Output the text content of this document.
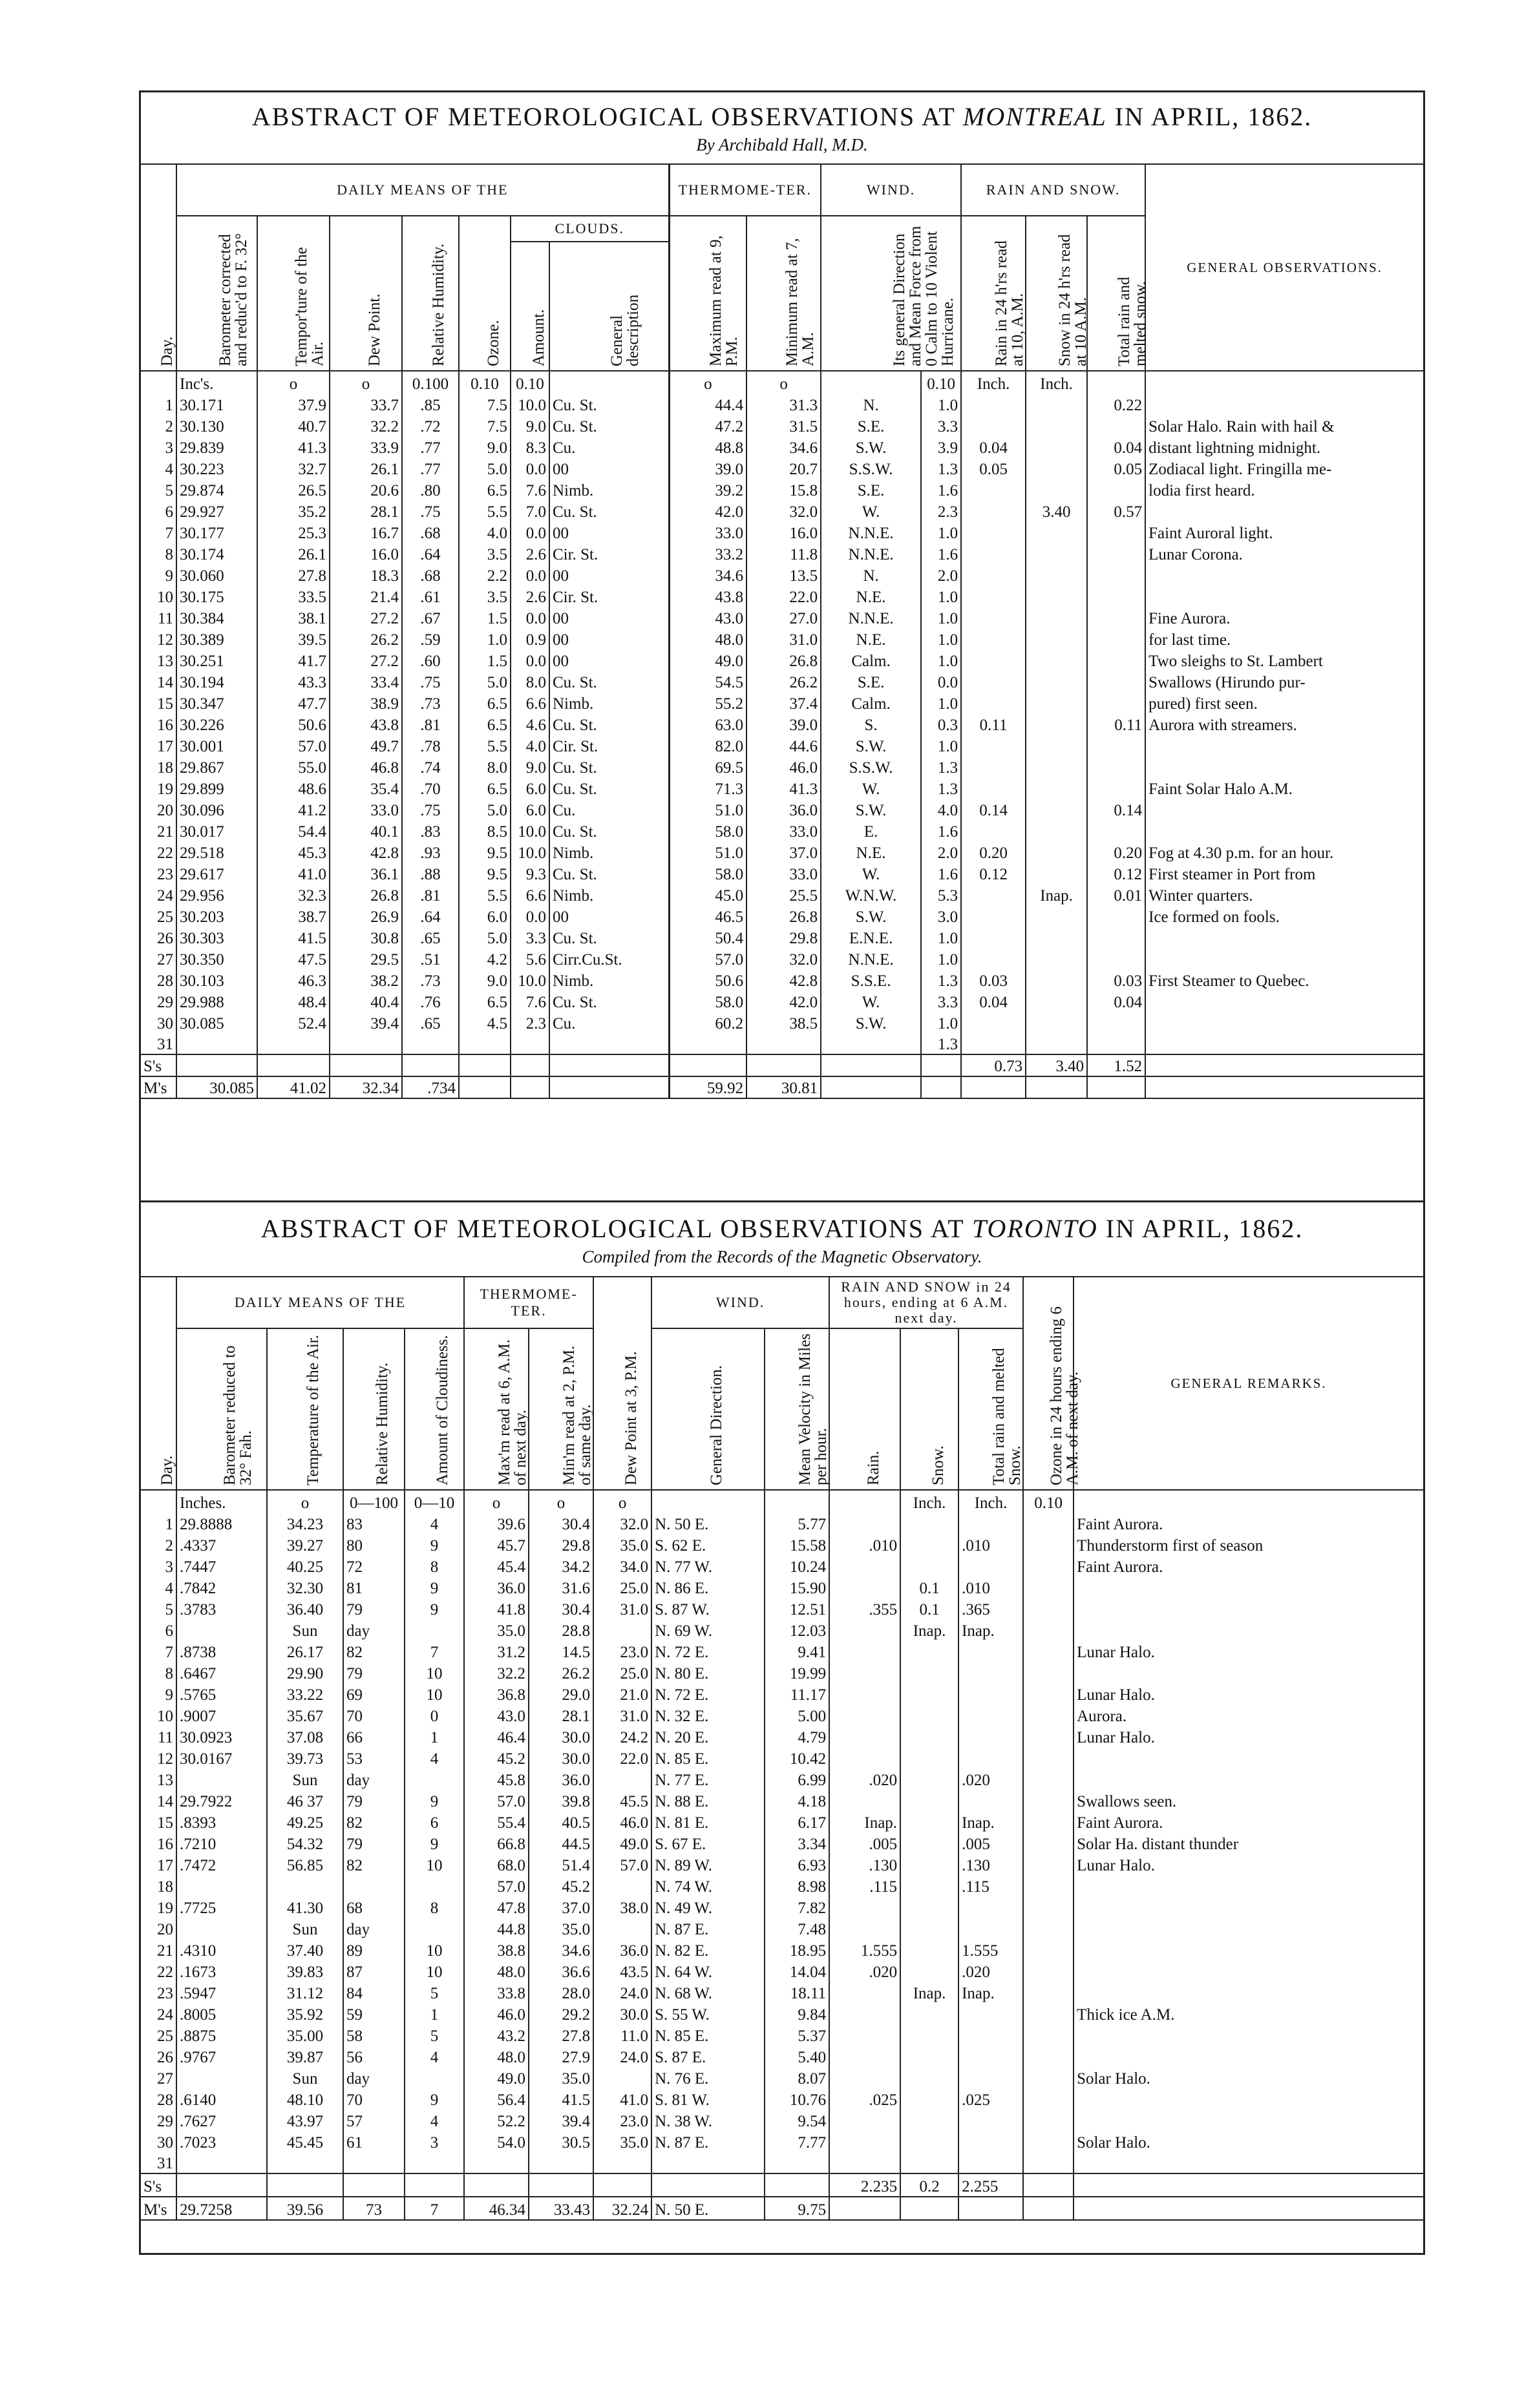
ABSTRACT OF METEOROLOGICAL OBSERVATIONS AT MONTREAL IN APRIL, 1862.
By Archibald Hall, M.D.
Day.	DAILY MEANS OF THE							THERMOME-TER.		WIND.		RAIN AND SNOW.			GENERAL OBSERVATIONS.

	Barometer corrected and reduc'd to F. 32°	Tempor'ture of the Air.	Dew Point.	Relative Humidity.	Ozone.	CLOUDS.		Maximum read at 9, P.M.	Minimum read at 7, A.M.	Its general Direction and Mean Force from 0 Calm to 10 Violent Hurricane.		Rain in 24 h'rs read at 10, A.M.	Snow in 24 h'rs read at 10 A.M.	Total rain and melted snow.	

						Amount.	General description								

	Inc's.	o	o	0.100	0.10	0.10		o	o		0.10	Inch.	Inch.		
1	30.171	37.9	33.7	.85	7.5	10.0	Cu. St.	44.4	31.3	N.	1.0			0.22	
2	30.130	40.7	32.2	.72	7.5	9.0	Cu. St.	47.2	31.5	S.E.	3.3				Solar Halo. Rain with hail &
3	29.839	41.3	33.9	.77	9.0	8.3	Cu.	48.8	34.6	S.W.	3.9	0.04		0.04	distant lightning midnight.
4	30.223	32.7	26.1	.77	5.0	0.0	00	39.0	20.7	S.S.W.	1.3	0.05		0.05	Zodiacal light. Fringilla me-
5	29.874	26.5	20.6	.80	6.5	7.6	Nimb.	39.2	15.8	S.E.	1.6				lodia first heard.
6	29.927	35.2	28.1	.75	5.5	7.0	Cu. St.	42.0	32.0	W.	2.3		3.40	0.57	
7	30.177	25.3	16.7	.68	4.0	0.0	00	33.0	16.0	N.N.E.	1.0				Faint Auroral light.
8	30.174	26.1	16.0	.64	3.5	2.6	Cir. St.	33.2	11.8	N.N.E.	1.6				Lunar Corona.
9	30.060	27.8	18.3	.68	2.2	0.0	00	34.6	13.5	N.	2.0				
10	30.175	33.5	21.4	.61	3.5	2.6	Cir. St.	43.8	22.0	N.E.	1.0				
11	30.384	38.1	27.2	.67	1.5	0.0	00	43.0	27.0	N.N.E.	1.0				Fine Aurora.
12	30.389	39.5	26.2	.59	1.0	0.9	00	48.0	31.0	N.E.	1.0				for last time.
13	30.251	41.7	27.2	.60	1.5	0.0	00	49.0	26.8	Calm.	1.0				Two sleighs to St. Lambert
14	30.194	43.3	33.4	.75	5.0	8.0	Cu. St.	54.5	26.2	S.E.	0.0				Swallows (Hirundo pur-
15	30.347	47.7	38.9	.73	6.5	6.6	Nimb.	55.2	37.4	Calm.	1.0				pured) first seen.
16	30.226	50.6	43.8	.81	6.5	4.6	Cu. St.	63.0	39.0	S.	0.3	0.11		0.11	Aurora with streamers.
17	30.001	57.0	49.7	.78	5.5	4.0	Cir. St.	82.0	44.6	S.W.	1.0				
18	29.867	55.0	46.8	.74	8.0	9.0	Cu. St.	69.5	46.0	S.S.W.	1.3				
19	29.899	48.6	35.4	.70	6.5	6.0	Cu. St.	71.3	41.3	W.	1.3				Faint Solar Halo A.M.
20	30.096	41.2	33.0	.75	5.0	6.0	Cu.	51.0	36.0	S.W.	4.0	0.14		0.14	
21	30.017	54.4	40.1	.83	8.5	10.0	Cu. St.	58.0	33.0	E.	1.6				
22	29.518	45.3	42.8	.93	9.5	10.0	Nimb.	51.0	37.0	N.E.	2.0	0.20		0.20	Fog at 4.30 p.m. for an hour.
23	29.617	41.0	36.1	.88	9.5	9.3	Cu. St.	58.0	33.0	W.	1.6	0.12		0.12	First steamer in Port from
24	29.956	32.3	26.8	.81	5.5	6.6	Nimb.	45.0	25.5	W.N.W.	5.3		Inap.	0.01	Winter quarters.
25	30.203	38.7	26.9	.64	6.0	0.0	00	46.5	26.8	S.W.	3.0				Ice formed on fools.
26	30.303	41.5	30.8	.65	5.0	3.3	Cu. St.	50.4	29.8	E.N.E.	1.0				
27	30.350	47.5	29.5	.51	4.2	5.6	Cirr.Cu.St.	57.0	32.0	N.N.E.	1.0				
28	30.103	46.3	38.2	.73	9.0	10.0	Nimb.	50.6	42.8	S.S.E.	1.3	0.03		0.03	First Steamer to Quebec.
29	29.988	48.4	40.4	.76	6.5	7.6	Cu. St.	58.0	42.0	W.	3.3	0.04		0.04	
30	30.085	52.4	39.4	.65	4.5	2.3	Cu.	60.2	38.5	S.W.	1.0				
31											1.3				
S's												0.73	3.40	1.52	
M's	30.085	41.02	32.34	.734				59.92	30.81						
ABSTRACT OF METEOROLOGICAL OBSERVATIONS AT TORONTO IN APRIL, 1862.
Compiled from the Records of the Magnetic Observatory.
Day.	DAILY MEANS OF THE				THERMOME-TER.		Dew Point at 3, P.M.	WIND.		RAIN AND SNOW in 24 hours, ending at 6 A.M. next day.			Ozone in 24 hours ending 6 A.M. of next day.	GENERAL REMARKS.

	Barometer reduced to 32° Fah.	Temperature of the Air.	Relative Humidity.	Amount of Cloudiness.	Max'm read at 6, A.M. of next day.	Min'm read at 2, P.M. of same day.		General Direction.	Mean Velocity in Miles per hour.	Rain.	Snow.	Total rain and melted Snow.		

	Inches.	o	0—100	0—10	o	o	o				Inch.	Inch.	0.10	
1	29.8888	34.23	83	4	39.6	30.4	32.0	N. 50 E.	5.77					Faint Aurora.
2	.4337	39.27	80	9	45.7	29.8	35.0	S. 62 E.	15.58	.010		.010		Thunderstorm first of season
3	.7447	40.25	72	8	45.4	34.2	34.0	N. 77 W.	10.24					Faint Aurora.
4	.7842	32.30	81	9	36.0	31.6	25.0	N. 86 E.	15.90		0.1	.010		
5	.3783	36.40	79	9	41.8	30.4	31.0	S. 87 W.	12.51	.355	0.1	.365		
6		Sun	day		35.0	28.8		N. 69 W.	12.03		Inap.	Inap.		
7	.8738	26.17	82	7	31.2	14.5	23.0	N. 72 E.	9.41					Lunar Halo.
8	.6467	29.90	79	10	32.2	26.2	25.0	N. 80 E.	19.99					
9	.5765	33.22	69	10	36.8	29.0	21.0	N. 72 E.	11.17					Lunar Halo.
10	.9007	35.67	70	0	43.0	28.1	31.0	N. 32 E.	5.00					Aurora.
11	30.0923	37.08	66	1	46.4	30.0	24.2	N. 20 E.	4.79					Lunar Halo.
12	30.0167	39.73	53	4	45.2	30.0	22.0	N. 85 E.	10.42					
13		Sun	day		45.8	36.0		N. 77 E.	6.99	.020		.020		
14	29.7922	46 37	79	9	57.0	39.8	45.5	N. 88 E.	4.18					Swallows seen.
15	.8393	49.25	82	6	55.4	40.5	46.0	N. 81 E.	6.17	Inap.		Inap.		Faint Aurora.
16	.7210	54.32	79	9	66.8	44.5	49.0	S. 67 E.	3.34	.005		.005		Solar Ha. distant thunder
17	.7472	56.85	82	10	68.0	51.4	57.0	N. 89 W.	6.93	.130		.130		Lunar Halo.
18					57.0	45.2		N. 74 W.	8.98	.115		.115		
19	.7725	41.30	68	8	47.8	37.0	38.0	N. 49 W.	7.82					
20		Sun	day		44.8	35.0		N. 87 E.	7.48					
21	.4310	37.40	89	10	38.8	34.6	36.0	N. 82 E.	18.95	1.555		1.555		
22	.1673	39.83	87	10	48.0	36.6	43.5	N. 64 W.	14.04	.020		.020		
23	.5947	31.12	84	5	33.8	28.0	24.0	N. 68 W.	18.11		Inap.	Inap.		
24	.8005	35.92	59	1	46.0	29.2	30.0	S. 55 W.	9.84					Thick ice A.M.
25	.8875	35.00	58	5	43.2	27.8	11.0	N. 85 E.	5.37					
26	.9767	39.87	56	4	48.0	27.9	24.0	S. 87 E.	5.40					
27		Sun	day		49.0	35.0		N. 76 E.	8.07					Solar Halo.
28	.6140	48.10	70	9	56.4	41.5	41.0	S. 81 W.	10.76	.025		.025		
29	.7627	43.97	57	4	52.2	39.4	23.0	N. 38 W.	9.54					
30	.7023	45.45	61	3	54.0	30.5	35.0	N. 87 E.	7.77					Solar Halo.
31														
S's										2.235	0.2	2.255		
M's	29.7258	39.56	73	7	46.34	33.43	32.24	N. 50 E.	9.75					
